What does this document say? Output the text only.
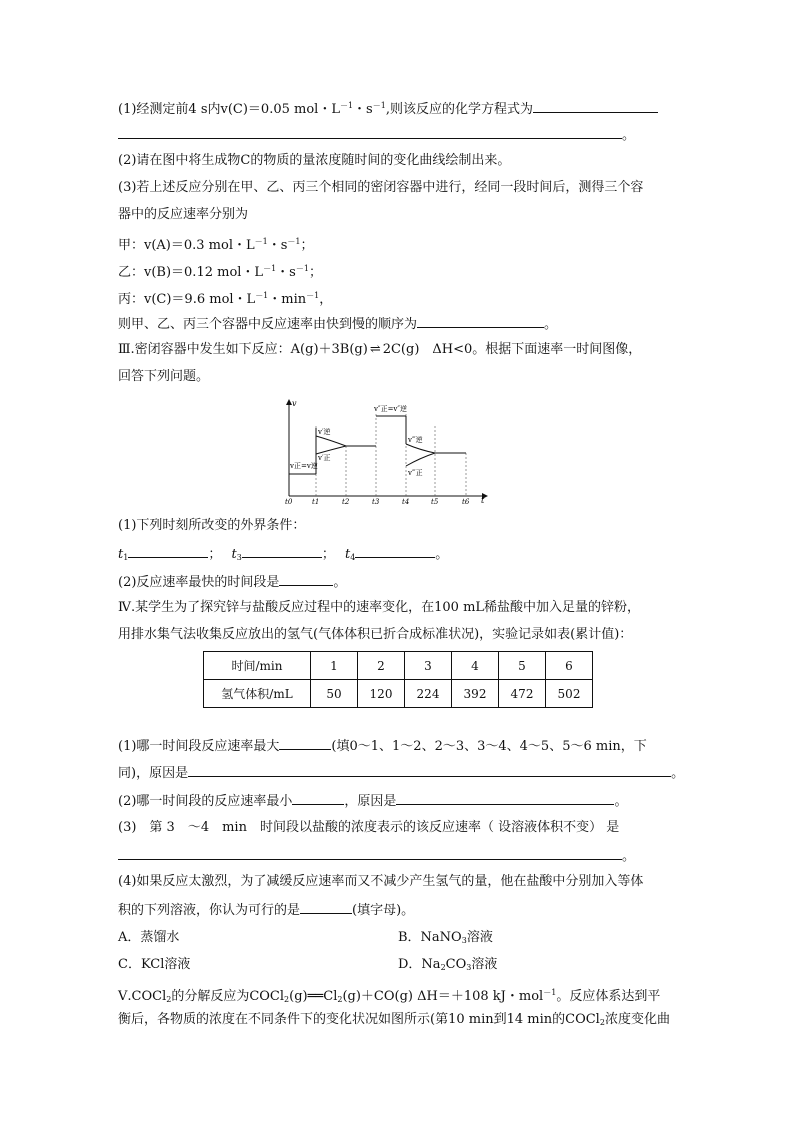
(1)经测定前4 s内v(C)＝0.05 mol・$L^{-1}$・$s^{-1}$,则该反应的化学方程式为
。
(2)请在图中将生成物C的物质的量浓度随时间的变化曲线绘制出来。
(3)若上述反应分别在甲、乙、丙三个相同的密闭容器中进行，经同一段时间后，测得三个容
器中的反应速率分别为
甲：v(A)＝0.3 mol・$L^{-1}$・$s^{-1}$；
乙：v(B)＝0.12 mol・$L^{-1}$・$s^{-1}$；
丙：v(C)＝9.6 mol・$L^{-1}$・$\min^{-1}$，
则甲、乙、丙三个容器中反应速率由快到慢的顺序为	。
Ⅲ.密闭容器中发生如下反应：A(g)＋3B(g) ⇌ 2C(g)　ΔH<0。根据下面速率一时间图像，
回答下列问题。
v
t
v正=v逆
v′逆
v′正
v″正=v″逆
v‴逆
v‴正
t0	t1	t2	t3	t4	t5	t6
(1)下列时刻所改变的外界条件：
$t_1$	； $t_3$	； $t_4$	。
(2)反应速率最快的时间段是	。
Ⅳ.某学生为了探究锌与盐酸反应过程中的速率变化，在100 mL稀盐酸中加入足量的锌粉，
用排水集气法收集反应放出的氢气(气体体积已折合成标准状况)，实验记录如表(累计值)：
时间/min	1	2	3	4	5	6
氢气体积/mL	50	120	224	392	472	502
(1)哪一时间段反应速率最大	(填0～1、1～2、2～3、3～4、4～5、5～6 min，下
同)，原因是	。
(2)哪一时间段的反应速率最小	，原因是	。
(3)　第 3　～4　min　时间段以盐酸的浓度表示的该反应速率（ 设溶液体积不变） 是
。
(4)如果反应太激烈，为了减缓反应速率而又不减少产生氢气的量，他在盐酸中分别加入等体
积的下列溶液，你认为可行的是	(填字母)。
A．蒸馏水	B．NaNO$_3$溶液
C．KCl溶液	D．$Na_2CO_3$溶液
Ⅴ.COCl$_2$的分解反应为$COCl_2(g)══Cl_2(g)+CO(g)$ ΔH＝＋108 kJ・mol$^{-1}$。反应体系达到平
衡后，各物质的浓度在不同条件下的变化状况如图所示(第10 min到14 min的COCl$_2$浓度变化曲
